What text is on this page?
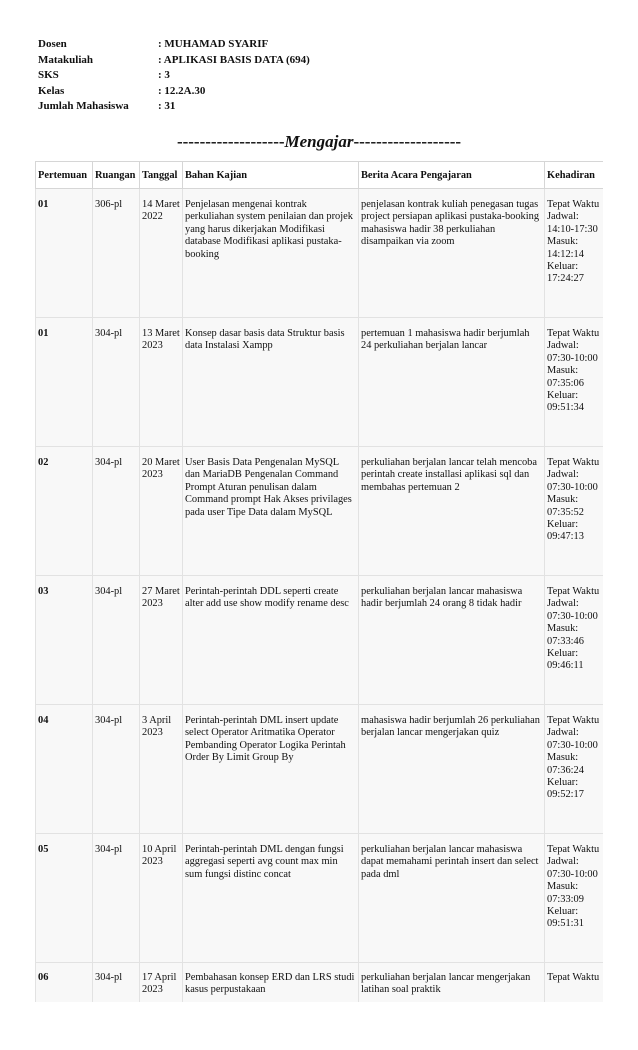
Dosen	: MUHAMAD SYARIF
Matakuliah	: APLIKASI BASIS DATA (694)
SKS	: 3
Kelas	: 12.2A.30
Jumlah Mahasiswa	: 31
-------------------Mengajar-------------------
Pertemuan	Ruangan	Tanggal	Bahan Kajian	Berita Acara Pengajaran	Kehadiran
01	306-pl	14 Maret 2022	Penjelasan mengenai kontrak perkuliahan system penilaian dan projek yang harus dikerjakan Modifikasi database Modifikasi aplikasi pustaka-booking	penjelasan kontrak kuliah penegasan tugas project persiapan aplikasi pustaka-booking mahasiswa hadir 38 perkuliahan disampaikan via zoom	Tepat Waktu Jadwal: 14:10-17:30 Masuk: 14:12:14 Keluar: 17:24:27
01	304-pl	13 Maret 2023	Konsep dasar basis data Struktur basis data Instalasi Xampp	pertemuan 1 mahasiswa hadir berjumlah 24 perkuliahan berjalan lancar	Tepat Waktu Jadwal: 07:30-10:00 Masuk: 07:35:06 Keluar: 09:51:34
02	304-pl	20 Maret 2023	User Basis Data Pengenalan MySQL dan MariaDB Pengenalan Command Prompt Aturan penulisan dalam Command prompt Hak Akses privilages pada user Tipe Data dalam MySQL	perkuliahan berjalan lancar telah mencoba perintah create installasi aplikasi sql dan membahas pertemuan 2	Tepat Waktu Jadwal: 07:30-10:00 Masuk: 07:35:52 Keluar: 09:47:13
03	304-pl	27 Maret 2023	Perintah-perintah DDL seperti create alter add use show modify rename desc	perkuliahan berjalan lancar mahasiswa hadir berjumlah 24 orang 8 tidak hadir	Tepat Waktu Jadwal: 07:30-10:00 Masuk: 07:33:46 Keluar: 09:46:11
04	304-pl	3 April 2023	Perintah-perintah DML insert update select Operator Aritmatika Operator Pembanding Operator Logika Perintah Order By Limit Group By	mahasiswa hadir berjumlah 26 perkuliahan berjalan lancar mengerjakan quiz	Tepat Waktu Jadwal: 07:30-10:00 Masuk: 07:36:24 Keluar: 09:52:17
05	304-pl	10 April 2023	Perintah-perintah DML dengan fungsi aggregasi seperti avg count max min sum fungsi distinc concat	perkuliahan berjalan lancar mahasiswa dapat memahami perintah insert dan select pada dml	Tepat Waktu Jadwal: 07:30-10:00 Masuk: 07:33:09 Keluar: 09:51:31
06	304-pl	17 April 2023	Pembahasan konsep ERD dan LRS studi kasus perpustakaan	perkuliahan berjalan lancar mengerjakan latihan soal praktik	Tepat Waktu
